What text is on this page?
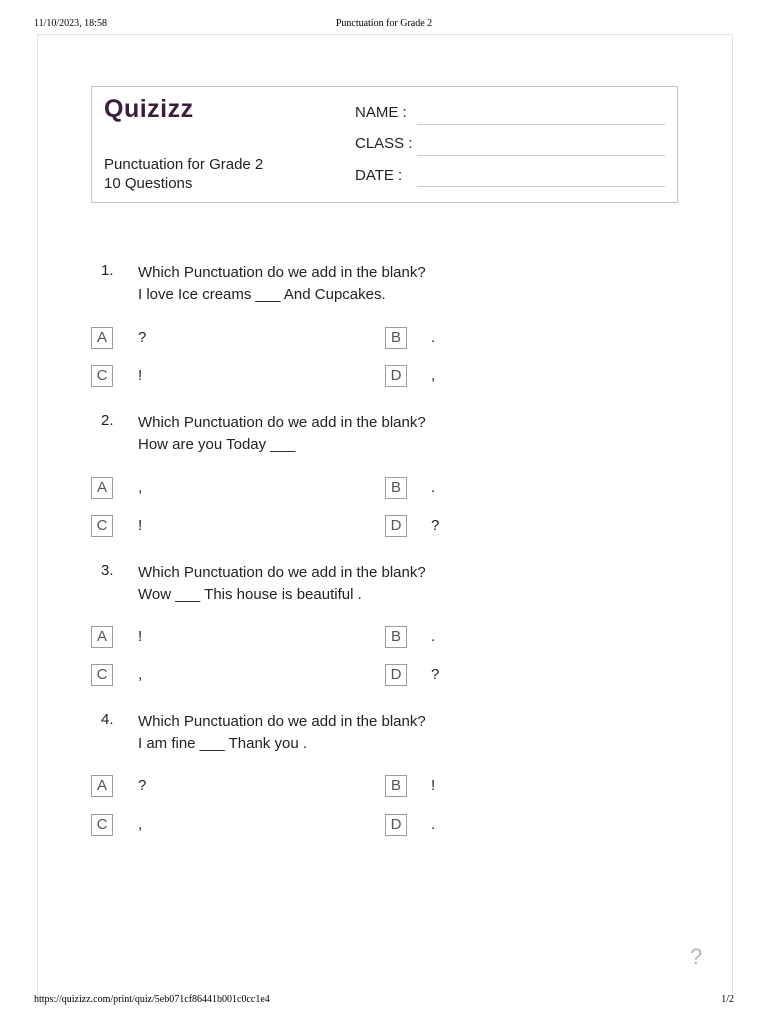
11/10/2023, 18:58	Punctuation for Grade 2
Quizizz
Punctuation for Grade 2
10 Questions
NAME :
CLASS :
DATE :
1. Which Punctuation do we add in the blank?
I love Ice creams ___ And Cupcakes.
A	?	B	.
C	!	D	,
2. Which Punctuation do we add in the blank?
How are you Today ___
A	,	B	.
C	!	D	?
3. Which Punctuation do we add in the blank?
Wow ___ This house is beautiful .
A	!	B	.
C	,	D	?
4. Which Punctuation do we add in the blank?
I am fine ___ Thank you .
A	?	B	!
C	,	D	.
?
https://quizizz.com/print/quiz/5eb071cf86441b001c0cc1e4	1/2
